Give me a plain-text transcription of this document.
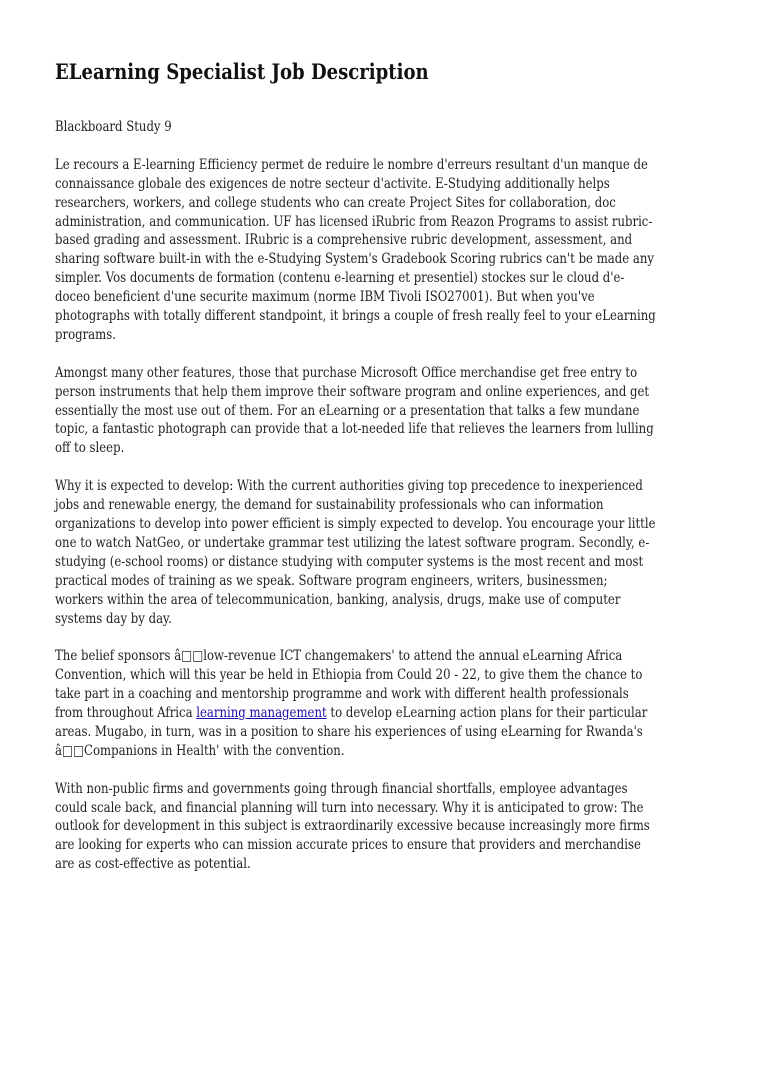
ELearning Specialist Job Description
Blackboard Study 9
Le recours a E-learning Efficiency permet de reduire le nombre d'erreurs resultant d'un manque de
connaissance globale des exigences de notre secteur d'activite. E-Studying additionally helps
researchers, workers, and college students who can create Project Sites for collaboration, doc
administration, and communication. UF has licensed iRubric from Reazon Programs to assist rubric-
based grading and assessment. IRubric is a comprehensive rubric development, assessment, and
sharing software built-in with the e-Studying System's Gradebook Scoring rubrics can't be made any
simpler. Vos documents de formation (contenu e-learning et presentiel) stockes sur le cloud d'e-
doceo beneficient d'une securite maximum (norme IBM Tivoli ISO27001). But when you've
photographs with totally different standpoint, it brings a couple of fresh really feel to your eLearning
programs.
Amongst many other features, those that purchase Microsoft Office merchandise get free entry to
person instruments that help them improve their software program and online experiences, and get
essentially the most use out of them. For an eLearning or a presentation that talks a few mundane
topic, a fantastic photograph can provide that a lot-needed life that relieves the learners from lulling
off to sleep.
Why it is expected to develop: With the current authorities giving top precedence to inexperienced
jobs and renewable energy, the demand for sustainability professionals who can information
organizations to develop into power efficient is simply expected to develop. You encourage your little
one to watch NatGeo, or undertake grammar test utilizing the latest software program. Secondly, e-
studying (e-school rooms) or distance studying with computer systems is the most recent and most
practical modes of training as we speak. Software program engineers, writers, businessmen;
workers within the area of telecommunication, banking, analysis, drugs, make use of computer
systems day by day.
The belief sponsors â□□low-revenue ICT changemakers' to attend the annual eLearning Africa
Convention, which will this year be held in Ethiopia from Could 20 - 22, to give them the chance to
take part in a coaching and mentorship programme and work with different health professionals
from throughout Africa learning management to develop eLearning action plans for their particular
areas. Mugabo, in turn, was in a position to share his experiences of using eLearning for Rwanda's
â□□Companions in Health' with the convention.
With non-public firms and governments going through financial shortfalls, employee advantages
could scale back, and financial planning will turn into necessary. Why it is anticipated to grow: The
outlook for development in this subject is extraordinarily excessive because increasingly more firms
are looking for experts who can mission accurate prices to ensure that providers and merchandise
are as cost-effective as potential.
